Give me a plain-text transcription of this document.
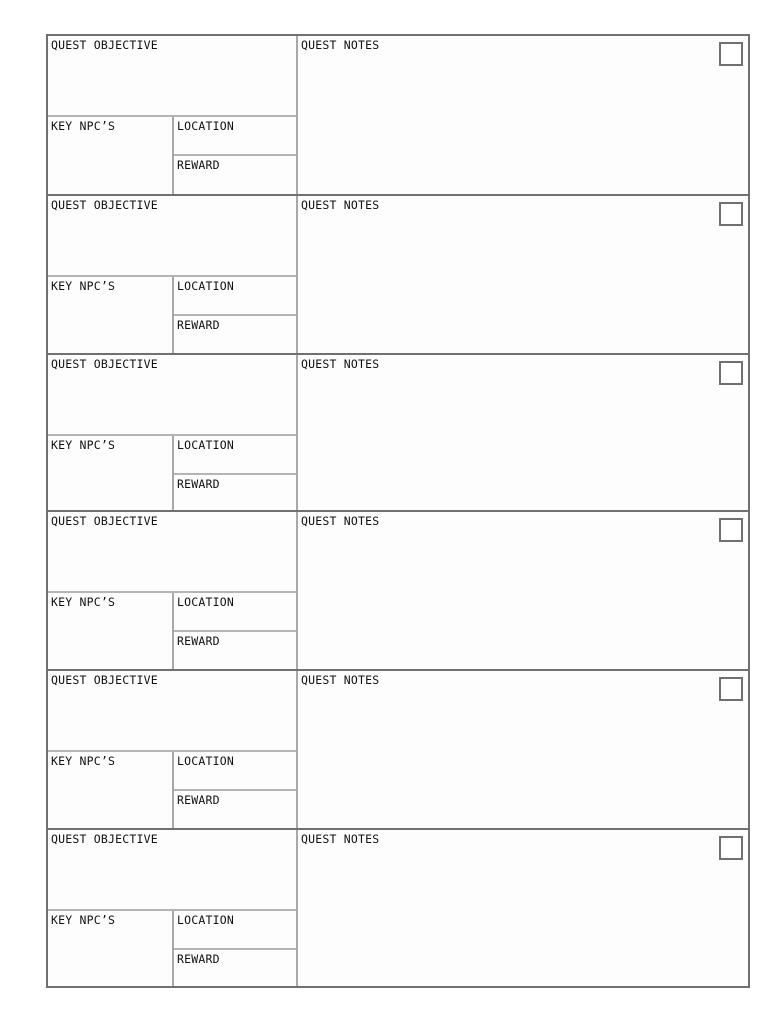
QUEST OBJECTIVE
KEY NPC’S	LOCATION
REWARD
QUEST NOTES
QUEST OBJECTIVE
KEY NPC’S	LOCATION
REWARD
QUEST NOTES
QUEST OBJECTIVE
KEY NPC’S	LOCATION
REWARD
QUEST NOTES
QUEST OBJECTIVE
KEY NPC’S	LOCATION
REWARD
QUEST NOTES
QUEST OBJECTIVE
KEY NPC’S	LOCATION
REWARD
QUEST NOTES
QUEST OBJECTIVE
KEY NPC’S	LOCATION
REWARD
QUEST NOTES
